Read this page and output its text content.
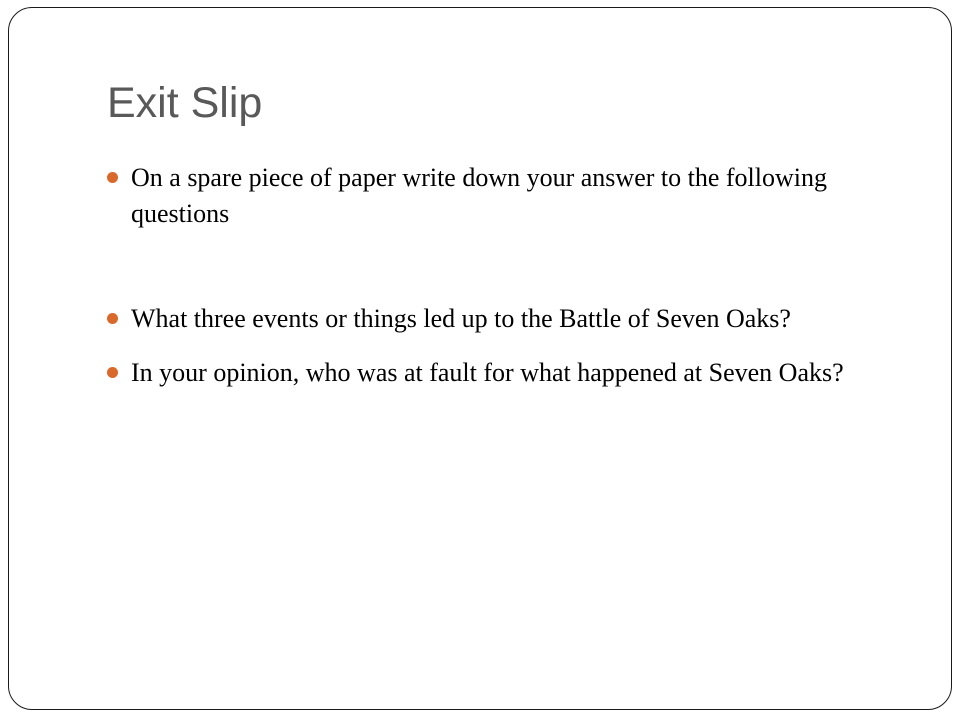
Exit Slip
On a spare piece of paper write down your answer to the following questions
What three events or things led up to the Battle of Seven Oaks?
In your opinion, who was at fault for what happened at Seven Oaks?
